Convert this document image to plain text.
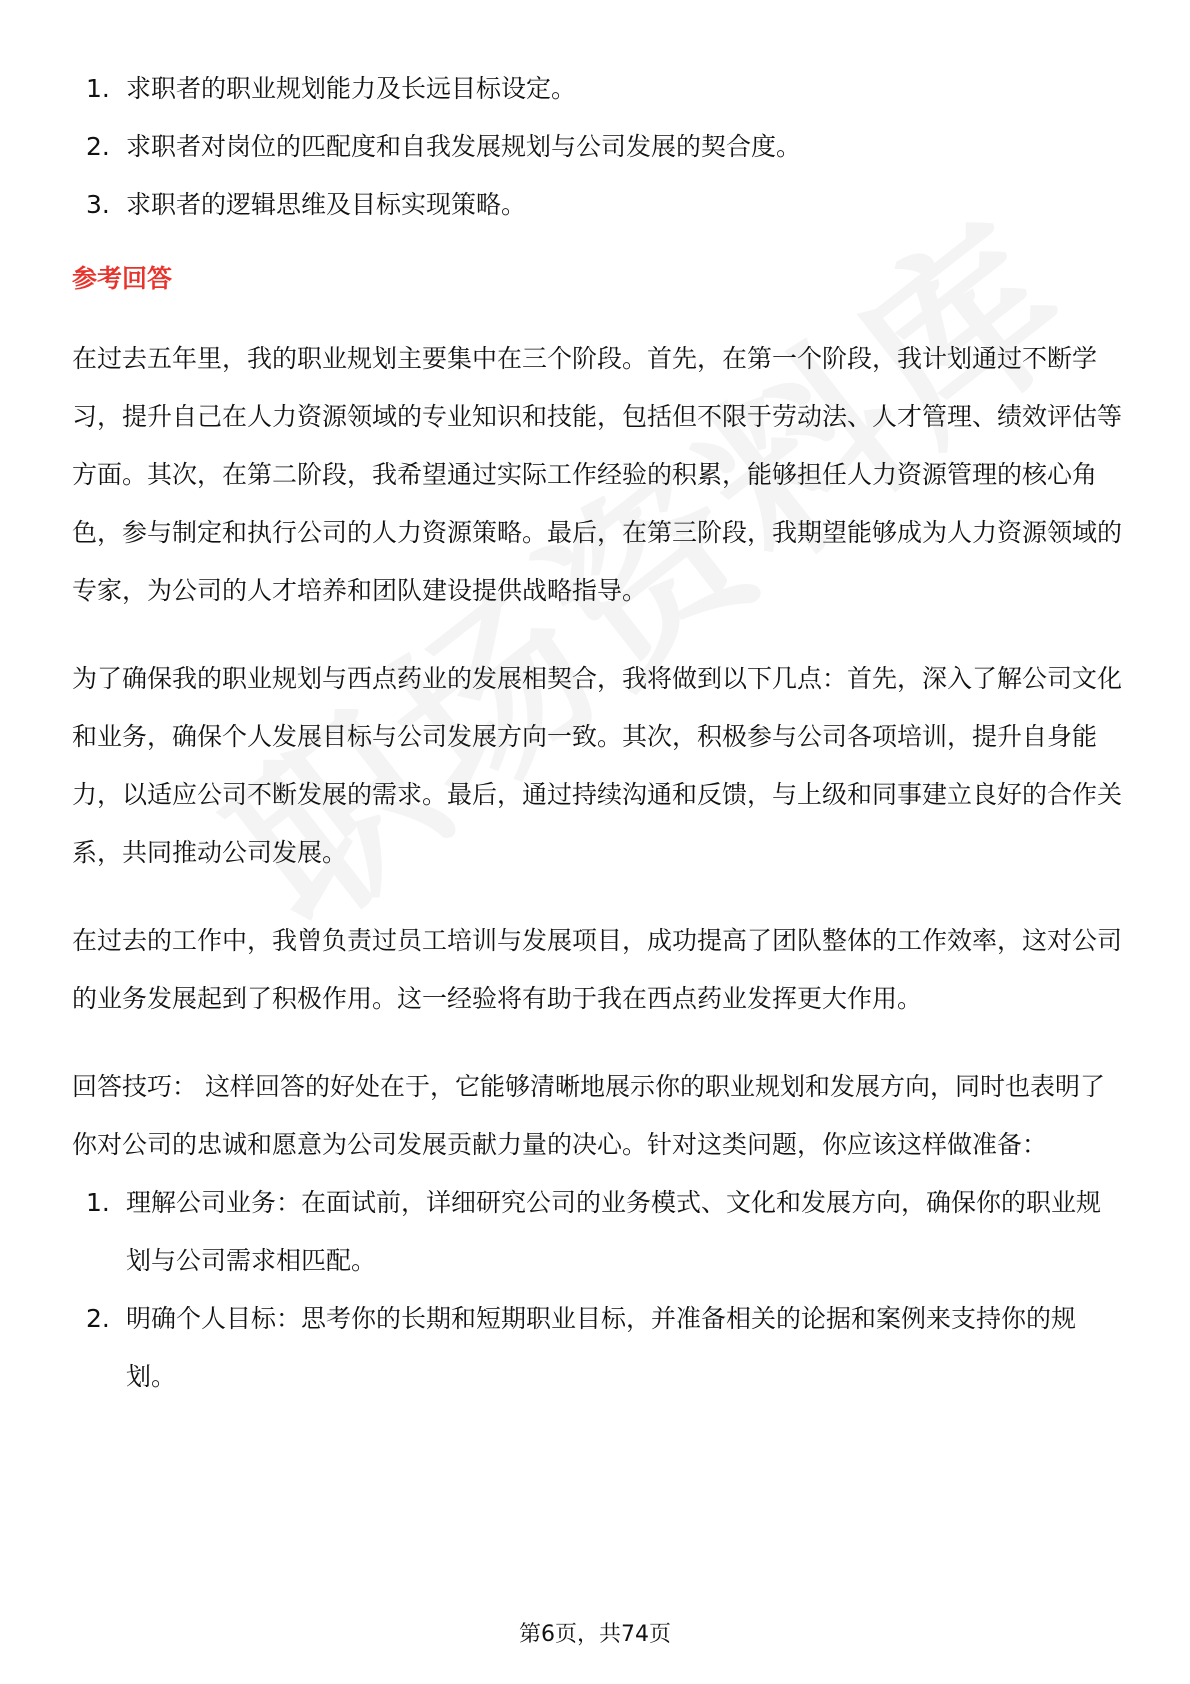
1. 求职者的职业规划能力及长远目标设定。
2. 求职者对岗位的匹配度和自我发展规划与公司发展的契合度。
3. 求职者的逻辑思维及目标实现策略。
参考回答

在过去五年里，我的职业规划主要集中在三个阶段。首先，在第一个阶段，我计划通过不断学习，提升自己在人力资源领域的专业知识和技能，包括但不限于劳动法、人才管理、绩效评估等方面。其次，在第二阶段，我希望通过实际工作经验的积累，能够担任人力资源管理的核心角色，参与制定和执行公司的人力资源策略。最后，在第三阶段，我期望能够成为人力资源领域的专家，为公司的人才培养和团队建设提供战略指导。

为了确保我的职业规划与西点药业的发展相契合，我将做到以下几点：首先，深入了解公司文化和业务，确保个人发展目标与公司发展方向一致。其次，积极参与公司各项培训，提升自身能力，以适应公司不断发展的需求。最后，通过持续沟通和反馈，与上级和同事建立良好的合作关系，共同推动公司发展。

在过去的工作中，我曾负责过员工培训与发展项目，成功提高了团队整体的工作效率，这对公司的业务发展起到了积极作用。这一经验将有助于我在西点药业发挥更大作用。

回答技巧： 这样回答的好处在于，它能够清晰地展示你的职业规划和发展方向，同时也表明了你对公司的忠诚和愿意为公司发展贡献力量的决心。针对这类问题，你应该这样做准备：

1. 理解公司业务：在面试前，详细研究公司的业务模式、文化和发展方向，确保你的职业规划与公司需求相匹配。
2. 明确个人目标：思考你的长期和短期职业目标，并准备相关的论据和案例来支持你的规划。
第6页，共74页
